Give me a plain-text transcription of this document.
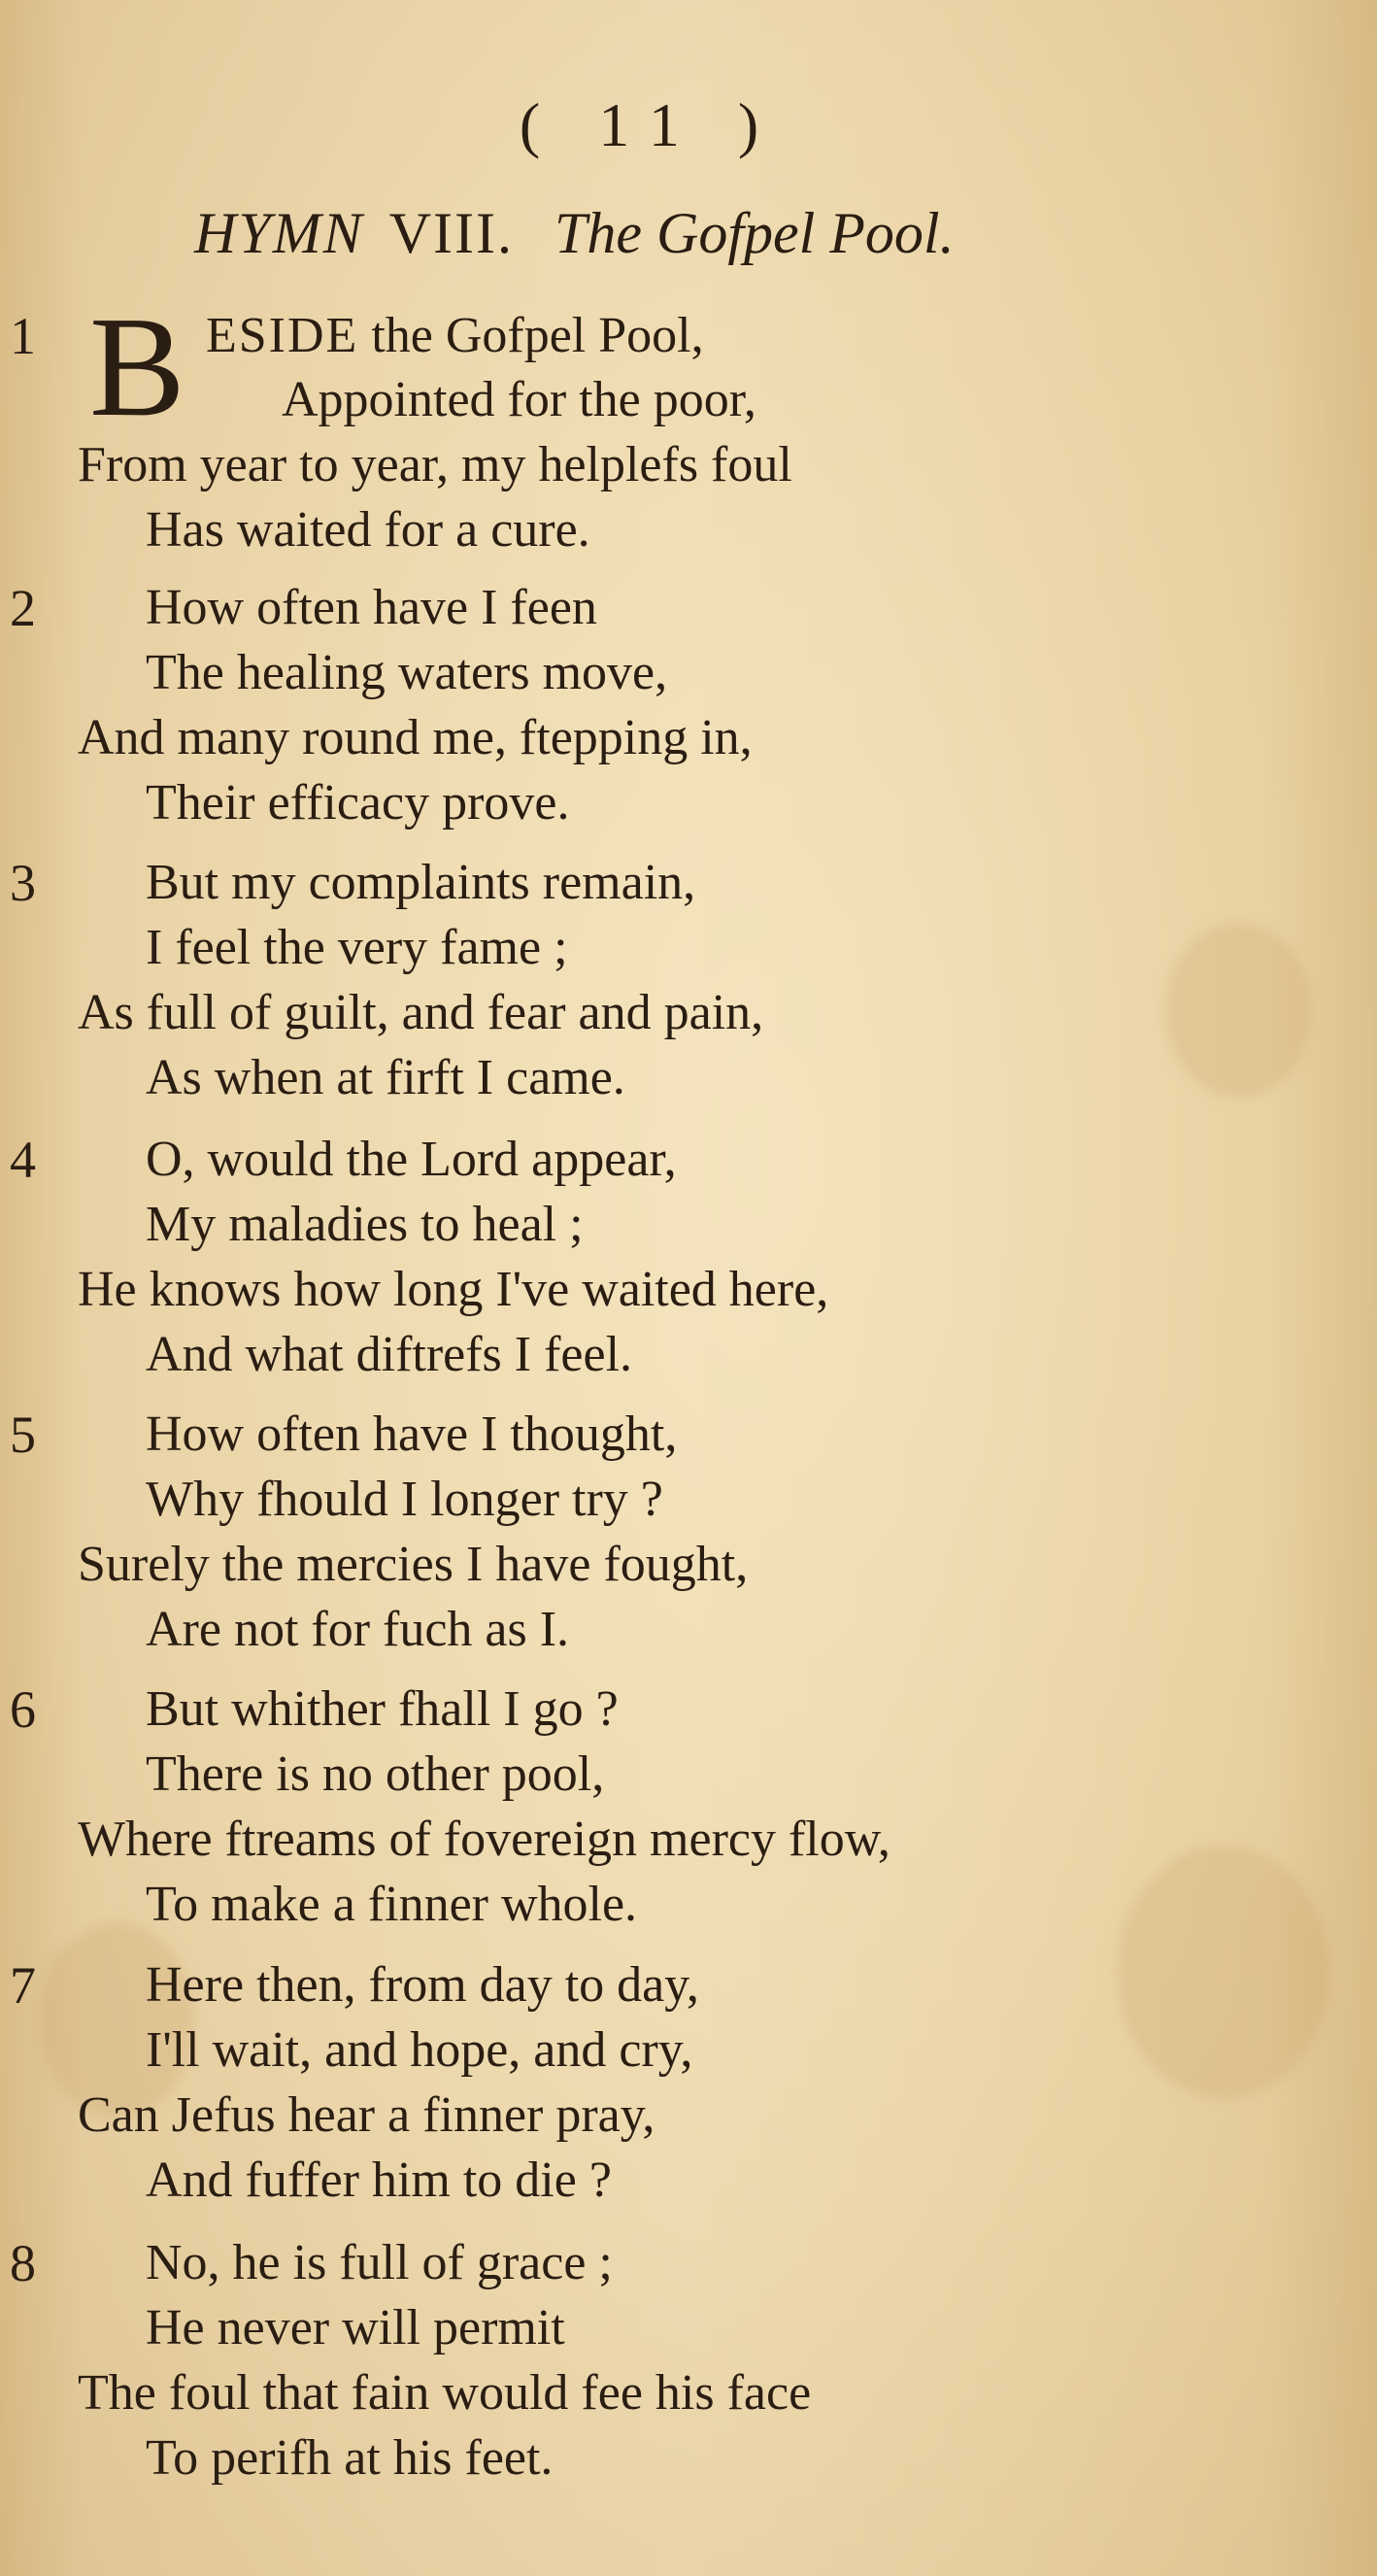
( 11 )
HYMN VIII. The Gofpel Pool.
1 B ESIDE the Gofpel Pool,
Appointed for the poor,
From year to year, my helplefs foul
Has waited for a cure.
2 How often have I feen
The healing waters move,
And many round me, ftepping in,
Their efficacy prove.
3 But my complaints remain,
I feel the very fame ;
As full of guilt, and fear and pain,
As when at firft I came.
4 O, would the Lord appear,
My maladies to heal ;
He knows how long I've waited here,
And what diftrefs I feel.
5 How often have I thought,
Why fhould I longer try ?
Surely the mercies I have fought,
Are not for fuch as I.
6 But whither fhall I go ?
There is no other pool,
Where ftreams of fovereign mercy flow,
To make a finner whole.
7 Here then, from day to day,
I'll wait, and hope, and cry,
Can Jefus hear a finner pray,
And fuffer him to die ?
8 No, he is full of grace ;
He never will permit
The foul that fain would fee his face
To perifh at his feet.
